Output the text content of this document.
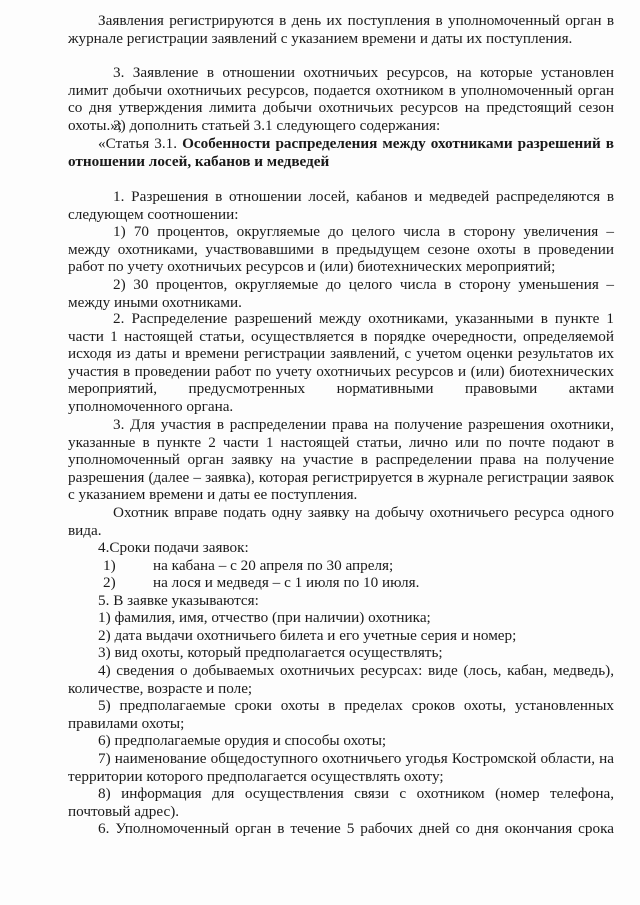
Заявления регистрируются в день их поступления в уполномоченный орган в журнале регистрации заявлений с указанием времени и даты их поступления.

3. Заявление в отношении охотничьих ресурсов, на которые установлен лимит добычи охотничьих ресурсов, подается охотником в уполномоченный орган со дня утверждения лимита добычи охотничьих ресурсов на предстоящий сезон охоты.»;

3) дополнить статьей 3.1 следующего содержания:

«Статья 3.1. Особенности распределения между охотниками разрешений в отношении лосей, кабанов и медведей

1. Разрешения в отношении лосей, кабанов и медведей распределяются в следующем соотношении:

1) 70 процентов, округляемые до целого числа в сторону увеличения – между охотниками, участвовавшими в предыдущем сезоне охоты в проведении работ по учету охотничьих ресурсов и (или) биотехнических мероприятий;

2) 30 процентов, округляемые до целого числа в сторону уменьшения – между иными охотниками.

2. Распределение разрешений между охотниками, указанными в пункте 1 части 1 настоящей статьи, осуществляется в порядке очередности, определяемой исходя из даты и времени регистрации заявлений, с учетом оценки результатов их участия в проведении работ по учету охотничьих ресурсов и (или) биотехнических мероприятий, предусмотренных нормативными правовыми актами уполномоченного органа.

3. Для участия в распределении права на получение разрешения охотники, указанные в пункте 2 части 1 настоящей статьи, лично или по почте подают в уполномоченный орган заявку на участие в распределении права на получение разрешения (далее – заявка), которая регистрируется в журнале регистрации заявок с указанием времени и даты ее поступления.

Охотник вправе подать одну заявку на добычу охотничьего ресурса одного вида.

4.Сроки подачи заявок:

1) на кабана – с 20 апреля по 30 апреля;

2) на лося и медведя – с 1 июля по 10 июля.

5. В заявке указываются:

1) фамилия, имя, отчество (при наличии) охотника;

2) дата выдачи охотничьего билета и его учетные серия и номер;

3) вид охоты, который предполагается осуществлять;

4) сведения о добываемых охотничьих ресурсах: виде (лось, кабан, медведь), количестве, возрасте и поле;

5) предполагаемые сроки охоты в пределах сроков охоты, установленных правилами охоты;

6) предполагаемые орудия и способы охоты;

7) наименование общедоступного охотничьего угодья Костромской области, на территории которого предполагается осуществлять охоту;

8) информация для осуществления связи с охотником (номер телефона, почтовый адрес).

6. Уполномоченный орган в течение 5 рабочих дней со дня окончания срока
